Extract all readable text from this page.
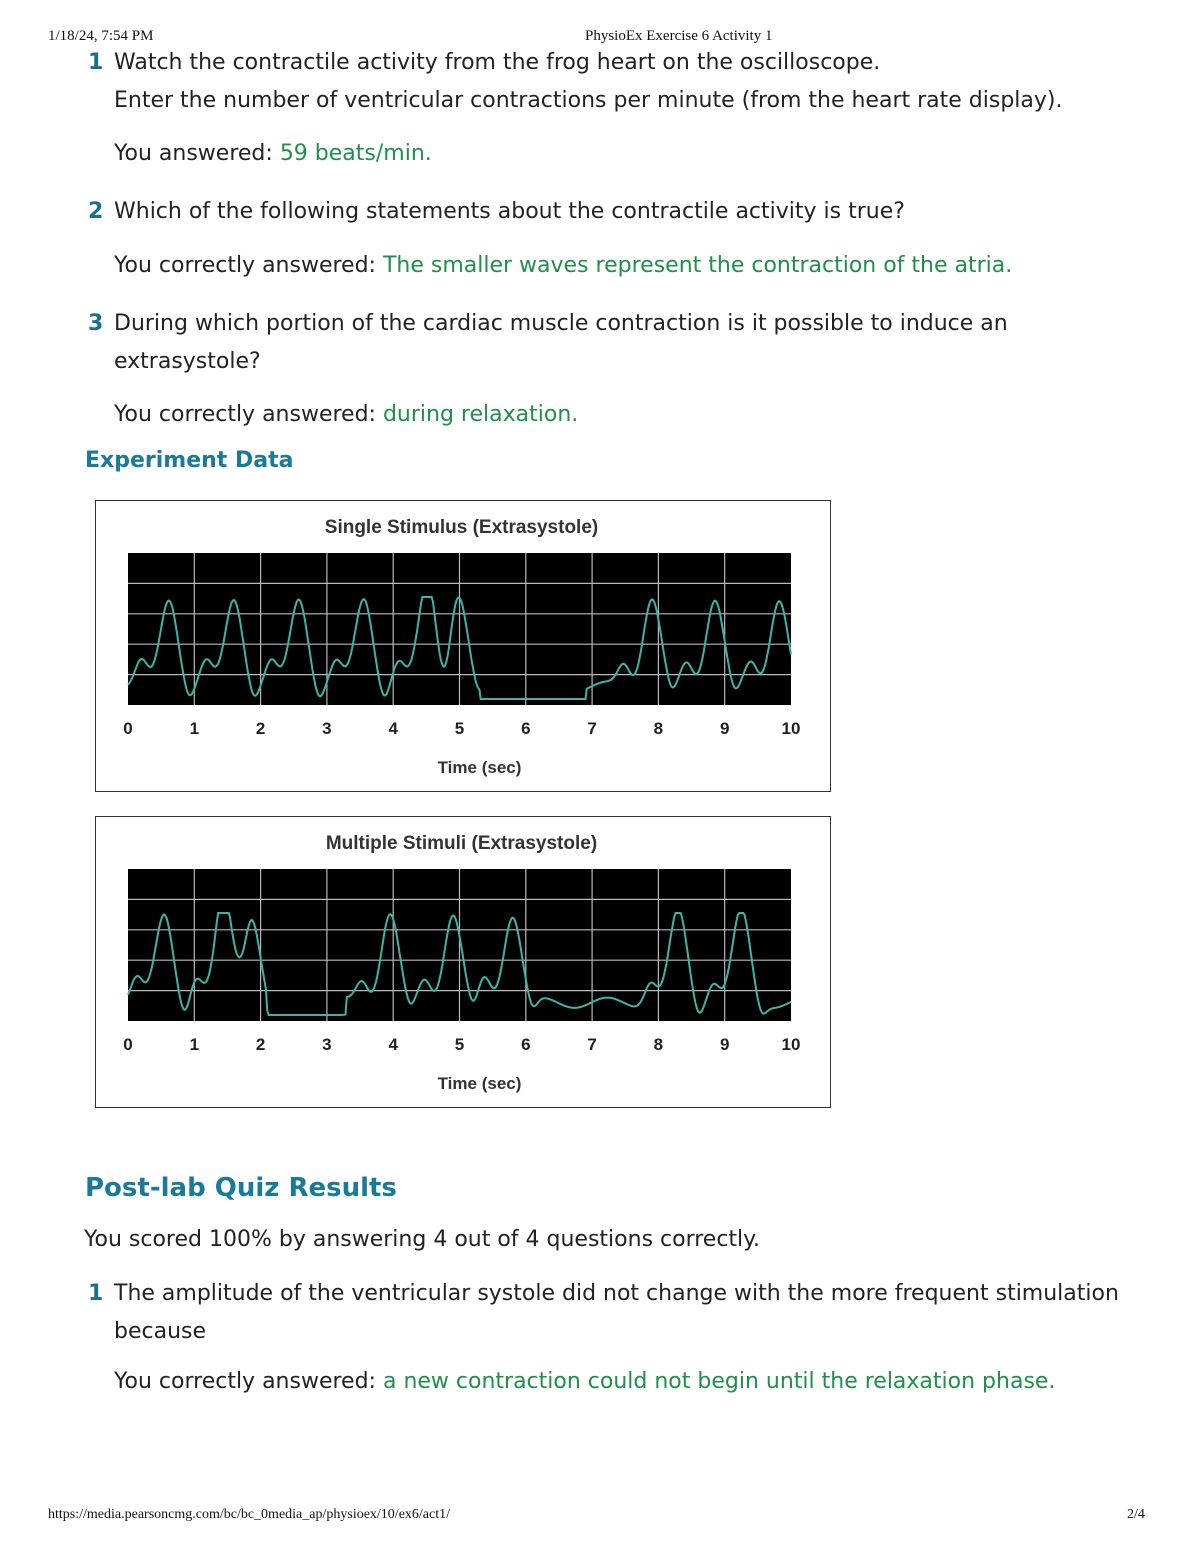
1/18/24, 7:54 PM	PhysioEx Exercise 6 Activity 1
1 Watch the contractile activity from the frog heart on the oscilloscope.
Enter the number of ventricular contractions per minute (from the heart rate display).
You answered: 59 beats/min.
2 Which of the following statements about the contractile activity is true?
You correctly answered: The smaller waves represent the contraction of the atria.
3 During which portion of the cardiac muscle contraction is it possible to induce an extrasystole?
You correctly answered: during relaxation.
Experiment Data
Single Stimulus (Extrasystole)
0	1	2	3	4	5	6	7	8	9	10
Time (sec)
Multiple Stimuli (Extrasystole)
0	1	2	3	4	5	6	7	8	9	10
Time (sec)
Post-lab Quiz Results
You scored 100% by answering 4 out of 4 questions correctly.
1 The amplitude of the ventricular systole did not change with the more frequent stimulation because
You correctly answered: a new contraction could not begin until the relaxation phase.
https://media.pearsoncmg.com/bc/bc_0media_ap/physioex/10/ex6/act1/	2/4
